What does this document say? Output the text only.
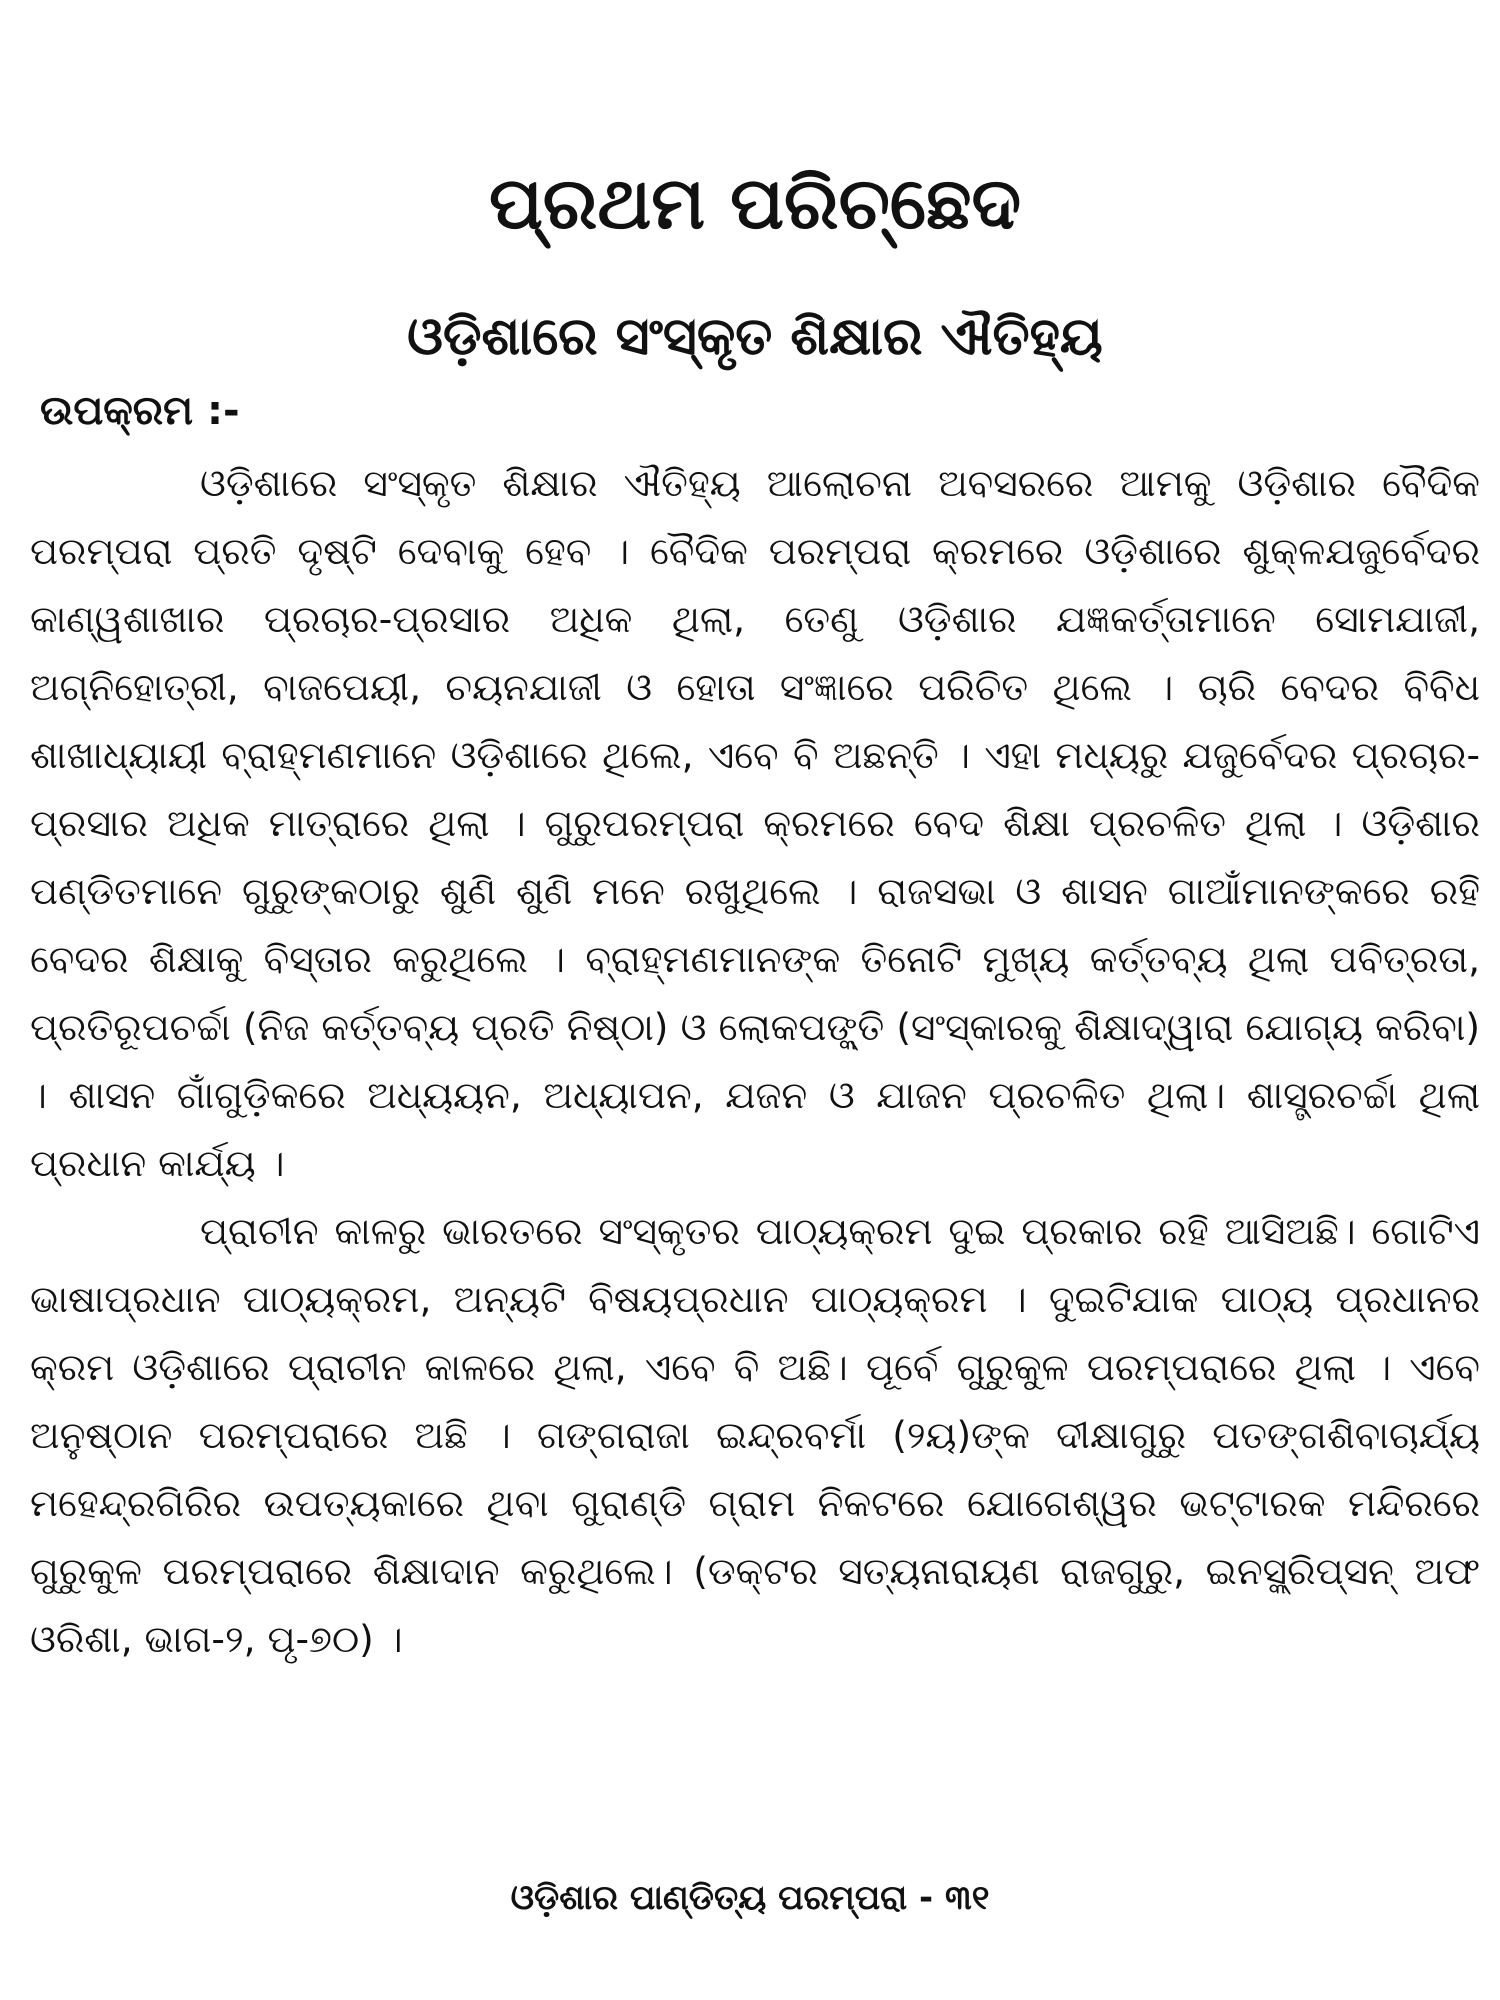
ପ୍ରଥମ ପରିଚ୍ଛେଦ
ଓଡ଼ିଶାରେ ସଂସ୍କୃତ ଶିକ୍ଷାର ଐତିହ୍ୟ
ଉପକ୍ରମ :-

ଓଡ଼ିଶାରେ ସଂସ୍କୃତ ଶିକ୍ଷାର ଐତିହ୍ୟ ଆଲୋଚନା ଅବସରରେ ଆମକୁ ଓଡ଼ିଶାର ବୈଦିକ ପରମ୍ପରା ପ୍ରତି ଦୃଷ୍ଟି ଦେବାକୁ ହେବ । ବୈଦିକ ପରମ୍ପରା କ୍ରମରେ ଓଡ଼ିଶାରେ ଶୁକ୍ଳଯଜୁର୍ବେଦର କାଣ୍ୱଶାଖାର ପ୍ରଚାର-ପ୍ରସାର ଅଧିକ ଥିଲା, ତେଣୁ ଓଡ଼ିଶାର ଯଜ୍ଞକର୍ତ୍ତାମାନେ ସୋମଯାଜୀ, ଅଗ୍ନିହୋତ୍ରୀ, ବାଜପେୟୀ, ଚୟନଯାଜୀ ଓ ହୋତା ସଂଜ୍ଞାରେ ପରିଚିତ ଥିଲେ । ଚାରି ବେଦର ବିବିଧ ଶାଖାଧ୍ୟାୟୀ ବ୍ରାହ୍ମଣମାନେ ଓଡ଼ିଶାରେ ଥିଲେ, ଏବେ ବି ଅଛନ୍ତି । ଏହା ମଧ୍ୟରୁ ଯଜୁର୍ବେଦର ପ୍ରଚାର-ପ୍ରସାର ଅଧିକ ମାତ୍ରାରେ ଥିଲା । ଗୁରୁପରମ୍ପରା କ୍ରମରେ ବେଦ ଶିକ୍ଷା ପ୍ରଚଳିତ ଥିଲା । ଓଡ଼ିଶାର ପଣ୍ଡିତମାନେ ଗୁରୁଙ୍କଠାରୁ ଶୁଣି ଶୁଣି ମନେ ରଖୁଥିଲେ । ରାଜସଭା ଓ ଶାସନ ଗାଆଁମାନଙ୍କରେ ରହି ବେଦର ଶିକ୍ଷାକୁ ବିସ୍ତାର କରୁଥିଲେ । ବ୍ରାହ୍ମଣମାନଙ୍କ ତିନୋଟି ମୁଖ୍ୟ କର୍ତ୍ତବ୍ୟ ଥିଲା ପବିତ୍ରତା, ପ୍ରତିରୂପଚର୍ଚ୍ଚା (ନିଜ କର୍ତ୍ତବ୍ୟ ପ୍ରତି ନିଷ୍ଠା) ଓ ଲୋକପଙ୍କ୍ତି (ସଂସ୍କାରକୁ ଶିକ୍ଷାଦ୍ୱାରା ଯୋଗ୍ୟ କରିବା) । ଶାସନ ଗାଁଗୁଡ଼ିକରେ ଅଧ୍ୟୟନ, ଅଧ୍ୟାପନ, ଯଜନ ଓ ଯାଜନ ପ୍ରଚଳିତ ଥିଲା। ଶାସ୍ତ୍ରଚର୍ଚ୍ଚା ଥିଲା ପ୍ରଧାନ କାର୍ଯ୍ୟ ।

ପ୍ରାଚୀନ କାଳରୁ ଭାରତରେ ସଂସ୍କୃତର ପାଠ୍ୟକ୍ରମ ଦୁଇ ପ୍ରକାର ରହି ଆସିଅଛି। ଗୋଟିଏ ଭାଷାପ୍ରଧାନ ପାଠ୍ୟକ୍ରମ, ଅନ୍ୟଟି ବିଷୟପ୍ରଧାନ ପାଠ୍ୟକ୍ରମ । ଦୁଇଟିଯାକ ପାଠ୍ୟ ପ୍ରଧାନର କ୍ରମ ଓଡ଼ିଶାରେ ପ୍ରାଚୀନ କାଳରେ ଥିଲା, ଏବେ ବି ଅଛି। ପୂର୍ବେ ଗୁରୁକୁଳ ପରମ୍ପରାରେ ଥିଲା । ଏବେ ଅନୁଷ୍ଠାନ ପରମ୍ପରାରେ ଅଛି । ଗଙ୍ଗରାଜା ଇନ୍ଦ୍ରବର୍ମା (୨ୟ)ଙ୍କ ଦୀକ୍ଷାଗୁରୁ ପତଙ୍ଗଶିବାଚାର୍ଯ୍ୟ ମହେନ୍ଦ୍ରଗିରିର ଉପତ୍ୟକାରେ ଥିବା ଗୁରାଣ୍ଡି ଗ୍ରାମ ନିକଟରେ ଯୋଗେଶ୍ୱର ଭଟ୍ଟାରକ ମନ୍ଦିରରେ ଗୁରୁକୁଳ ପରମ୍ପରାରେ ଶିକ୍ଷାଦାନ କରୁଥିଲେ। (ଡକ୍ଟର ସତ୍ୟନାରାୟଣ ରାଜଗୁରୁ, ଇନସ୍କ୍ରିପ୍ସନ୍ ଅଫ ଓରିଶା, ଭାଗ-୨, ପୃ-୭୦) ।

ଓଡ଼ିଶାର ପାଣ୍ଡିତ୍ୟ ପରମ୍ପରା - ୩୧
